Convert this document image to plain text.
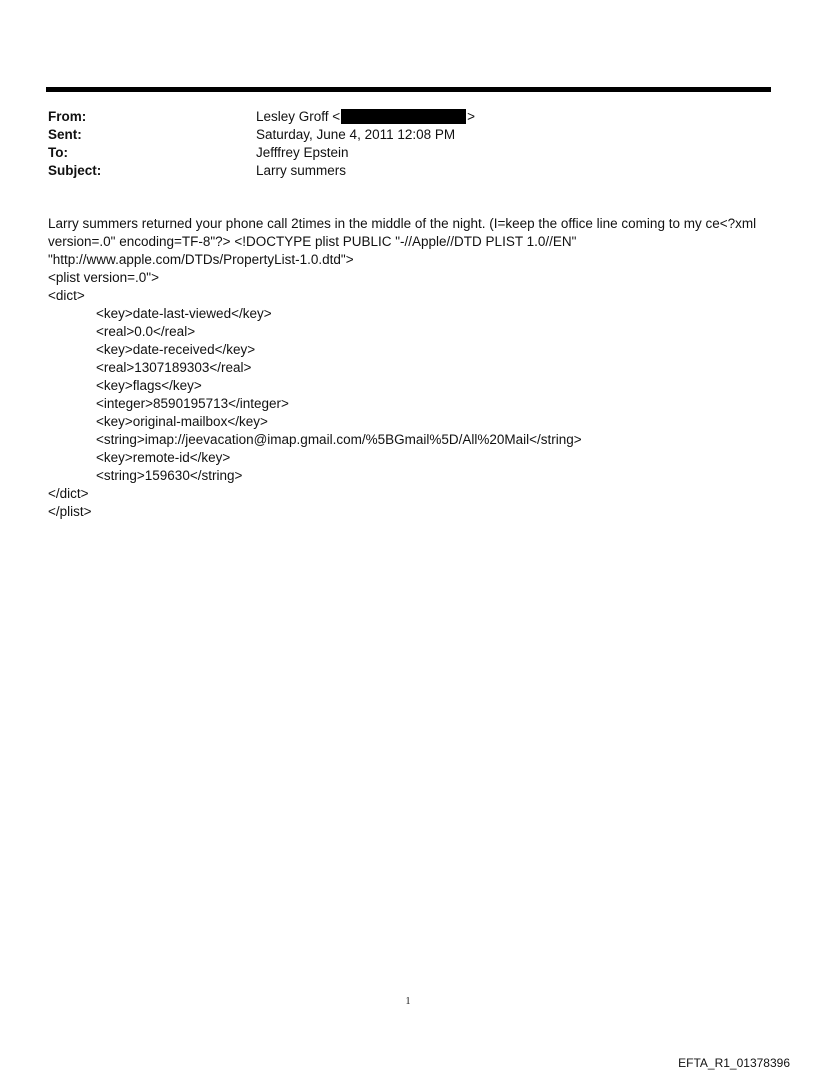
From:	Lesley Groff <	>
Sent:	Saturday, June 4, 2011 12:08 PM
To:	Jefffrey Epstein
Subject:	Larry summers
Larry summers returned your phone call 2times in the middle of the night. (I=keep the office line coming to my ce<?xml
version=.0" encoding=TF-8"?> <!DOCTYPE plist PUBLIC "-//Apple//DTD PLIST 1.0//EN"
"http://www.apple.com/DTDs/PropertyList-1.0.dtd">
<plist version=.0">
<dict>
<key>date-last-viewed</key>
<real>0.0</real>
<key>date-received</key>
<real>1307189303</real>
<key>flags</key>
<integer>8590195713</integer>
<key>original-mailbox</key>
<string>imap://jeevacation@imap.gmail.com/%5BGmail%5D/All%20Mail</string>
<key>remote-id</key>
<string>159630</string>
</dict>
</plist>
1
EFTA_R1_01378396
